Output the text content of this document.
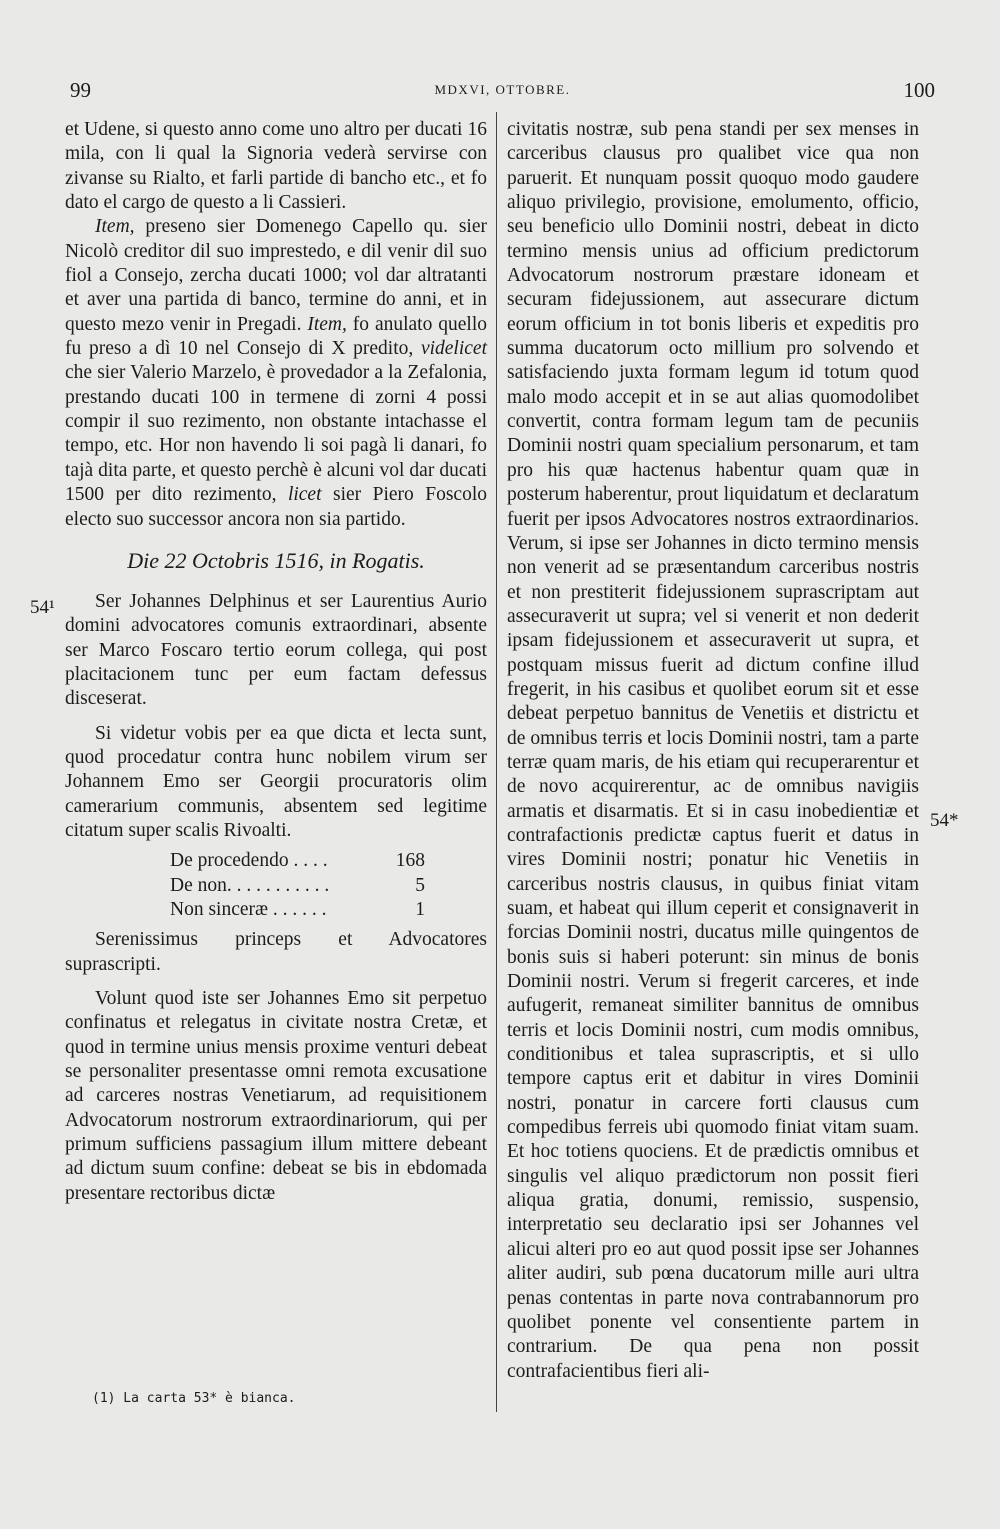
99	MDXVI, OTTOBRE.	100
54¹
54*

et Udene, si questo anno come uno altro per ducati 16 mila, con li qual la Signoria vederà servirse con zivanse su Rialto, et farli partide di bancho etc., et fo dato el cargo de questo a li Cassieri.

Item, preseno sier Domenego Capello qu. sier Nicolò creditor dil suo imprestedo, e dil venir dil suo fiol a Consejo, zercha ducati 1000; vol dar altratanti et aver una partida di banco, termine do anni, et in questo mezo venir in Pregadi. Item, fo anulato quello fu preso a dì 10 nel Consejo di X predito, videlicet che sier Valerio Marzelo, è provedador a la Zefalonia, prestando ducati 100 in termene di zorni 4 possi compir il suo rezimento, non obstante intachasse el tempo, etc. Hor non havendo li soi pagà li danari, fo tajà dita parte, et questo perchè è alcuni vol dar ducati 1500 per dito rezimento, licet sier Piero Foscolo electo suo successor ancora non sia partido.

Die 22 Octobris 1516, in Rogatis.

Ser Johannes Delphinus et ser Laurentius Aurio domini advocatores comunis extraordinari, absente ser Marco Foscaro tertio eorum collega, qui post placitacionem tunc per eum factam defessus disceserat.

Si videtur vobis per ea que dicta et lecta sunt, quod procedatur contra hunc nobilem virum ser Johannem Emo ser Georgii procuratoris olim camerarium communis, absentem sed legitime citatum super scalis Rivoalti.

De procedendo . . . .	168
De non. . . . . . . . . . .	5
Non sinceræ . . . . . .	1

Serenissimus princeps et Advocatores suprascripti.

Volunt quod iste ser Johannes Emo sit perpetuo confinatus et relegatus in civitate nostra Cretæ, et quod in termine unius mensis proxime venturi debeat se personaliter presentasse omni remota excusatione ad carceres nostras Venetiarum, ad requisitionem Advocatorum nostrorum extraordinariorum, qui per primum sufficiens passagium illum mittere debeant ad dictum suum confine: debeat se bis in ebdomada presentare rectoribus dictæ

(1) La carta 53* è bianca.

civitatis nostræ, sub pena standi per sex menses in carceribus clausus pro qualibet vice qua non paruerit. Et nunquam possit quoquo modo gaudere aliquo privilegio, provisione, emolumento, officio, seu beneficio ullo Dominii nostri, debeat in dicto termino mensis unius ad officium predictorum Advocatorum nostrorum præstare idoneam et securam fidejussionem, aut assecurare dictum eorum officium in tot bonis liberis et expeditis pro summa ducatorum octo millium pro solvendo et satisfaciendo juxta formam legum id totum quod malo modo accepit et in se aut alias quomodolibet convertit, contra formam legum tam de pecuniis Dominii nostri quam specialium personarum, et tam pro his quæ hactenus habentur quam quæ in posterum haberentur, prout liquidatum et declaratum fuerit per ipsos Advocatores nostros extraordinarios. Verum, si ipse ser Johannes in dicto termino mensis non venerit ad se præsentandum carceribus nostris et non prestiterit fidejussionem suprascriptam aut assecuraverit ut supra; vel si venerit et non dederit ipsam fidejussionem et assecuraverit ut supra, et postquam missus fuerit ad dictum confine illud fregerit, in his casibus et quolibet eorum sit et esse debeat perpetuo bannitus de Venetiis et districtu et de omnibus terris et locis Dominii nostri, tam a parte terræ quam maris, de his etiam qui recuperarentur et de novo acquirerentur, ac de omnibus navigiis armatis et disarmatis. Et si in casu inobedientiæ et contrafactionis predictæ captus fuerit et datus in vires Dominii nostri; ponatur hic Venetiis in carceribus nostris clausus, in quibus finiat vitam suam, et habeat qui illum ceperit et consignaverit in forcias Dominii nostri, ducatus mille quingentos de bonis suis si haberi poterunt: sin minus de bonis Dominii nostri. Verum si fregerit carceres, et inde aufugerit, remaneat similiter bannitus de omnibus terris et locis Dominii nostri, cum modis omnibus, conditionibus et talea suprascriptis, et si ullo tempore captus erit et dabitur in vires Dominii nostri, ponatur in carcere forti clausus cum compedibus ferreis ubi quomodo finiat vitam suam. Et hoc totiens quociens. Et de prædictis omnibus et singulis vel aliquo prædictorum non possit fieri aliqua gratia, donumi, remissio, suspensio, interpretatio seu declaratio ipsi ser Johannes vel alicui alteri pro eo aut quod possit ipse ser Johannes aliter audiri, sub pœna ducatorum mille auri ultra penas contentas in parte nova contrabannorum pro quolibet ponente vel consentiente partem in contrarium. De qua pena non possit contrafacientibus fieri ali-
